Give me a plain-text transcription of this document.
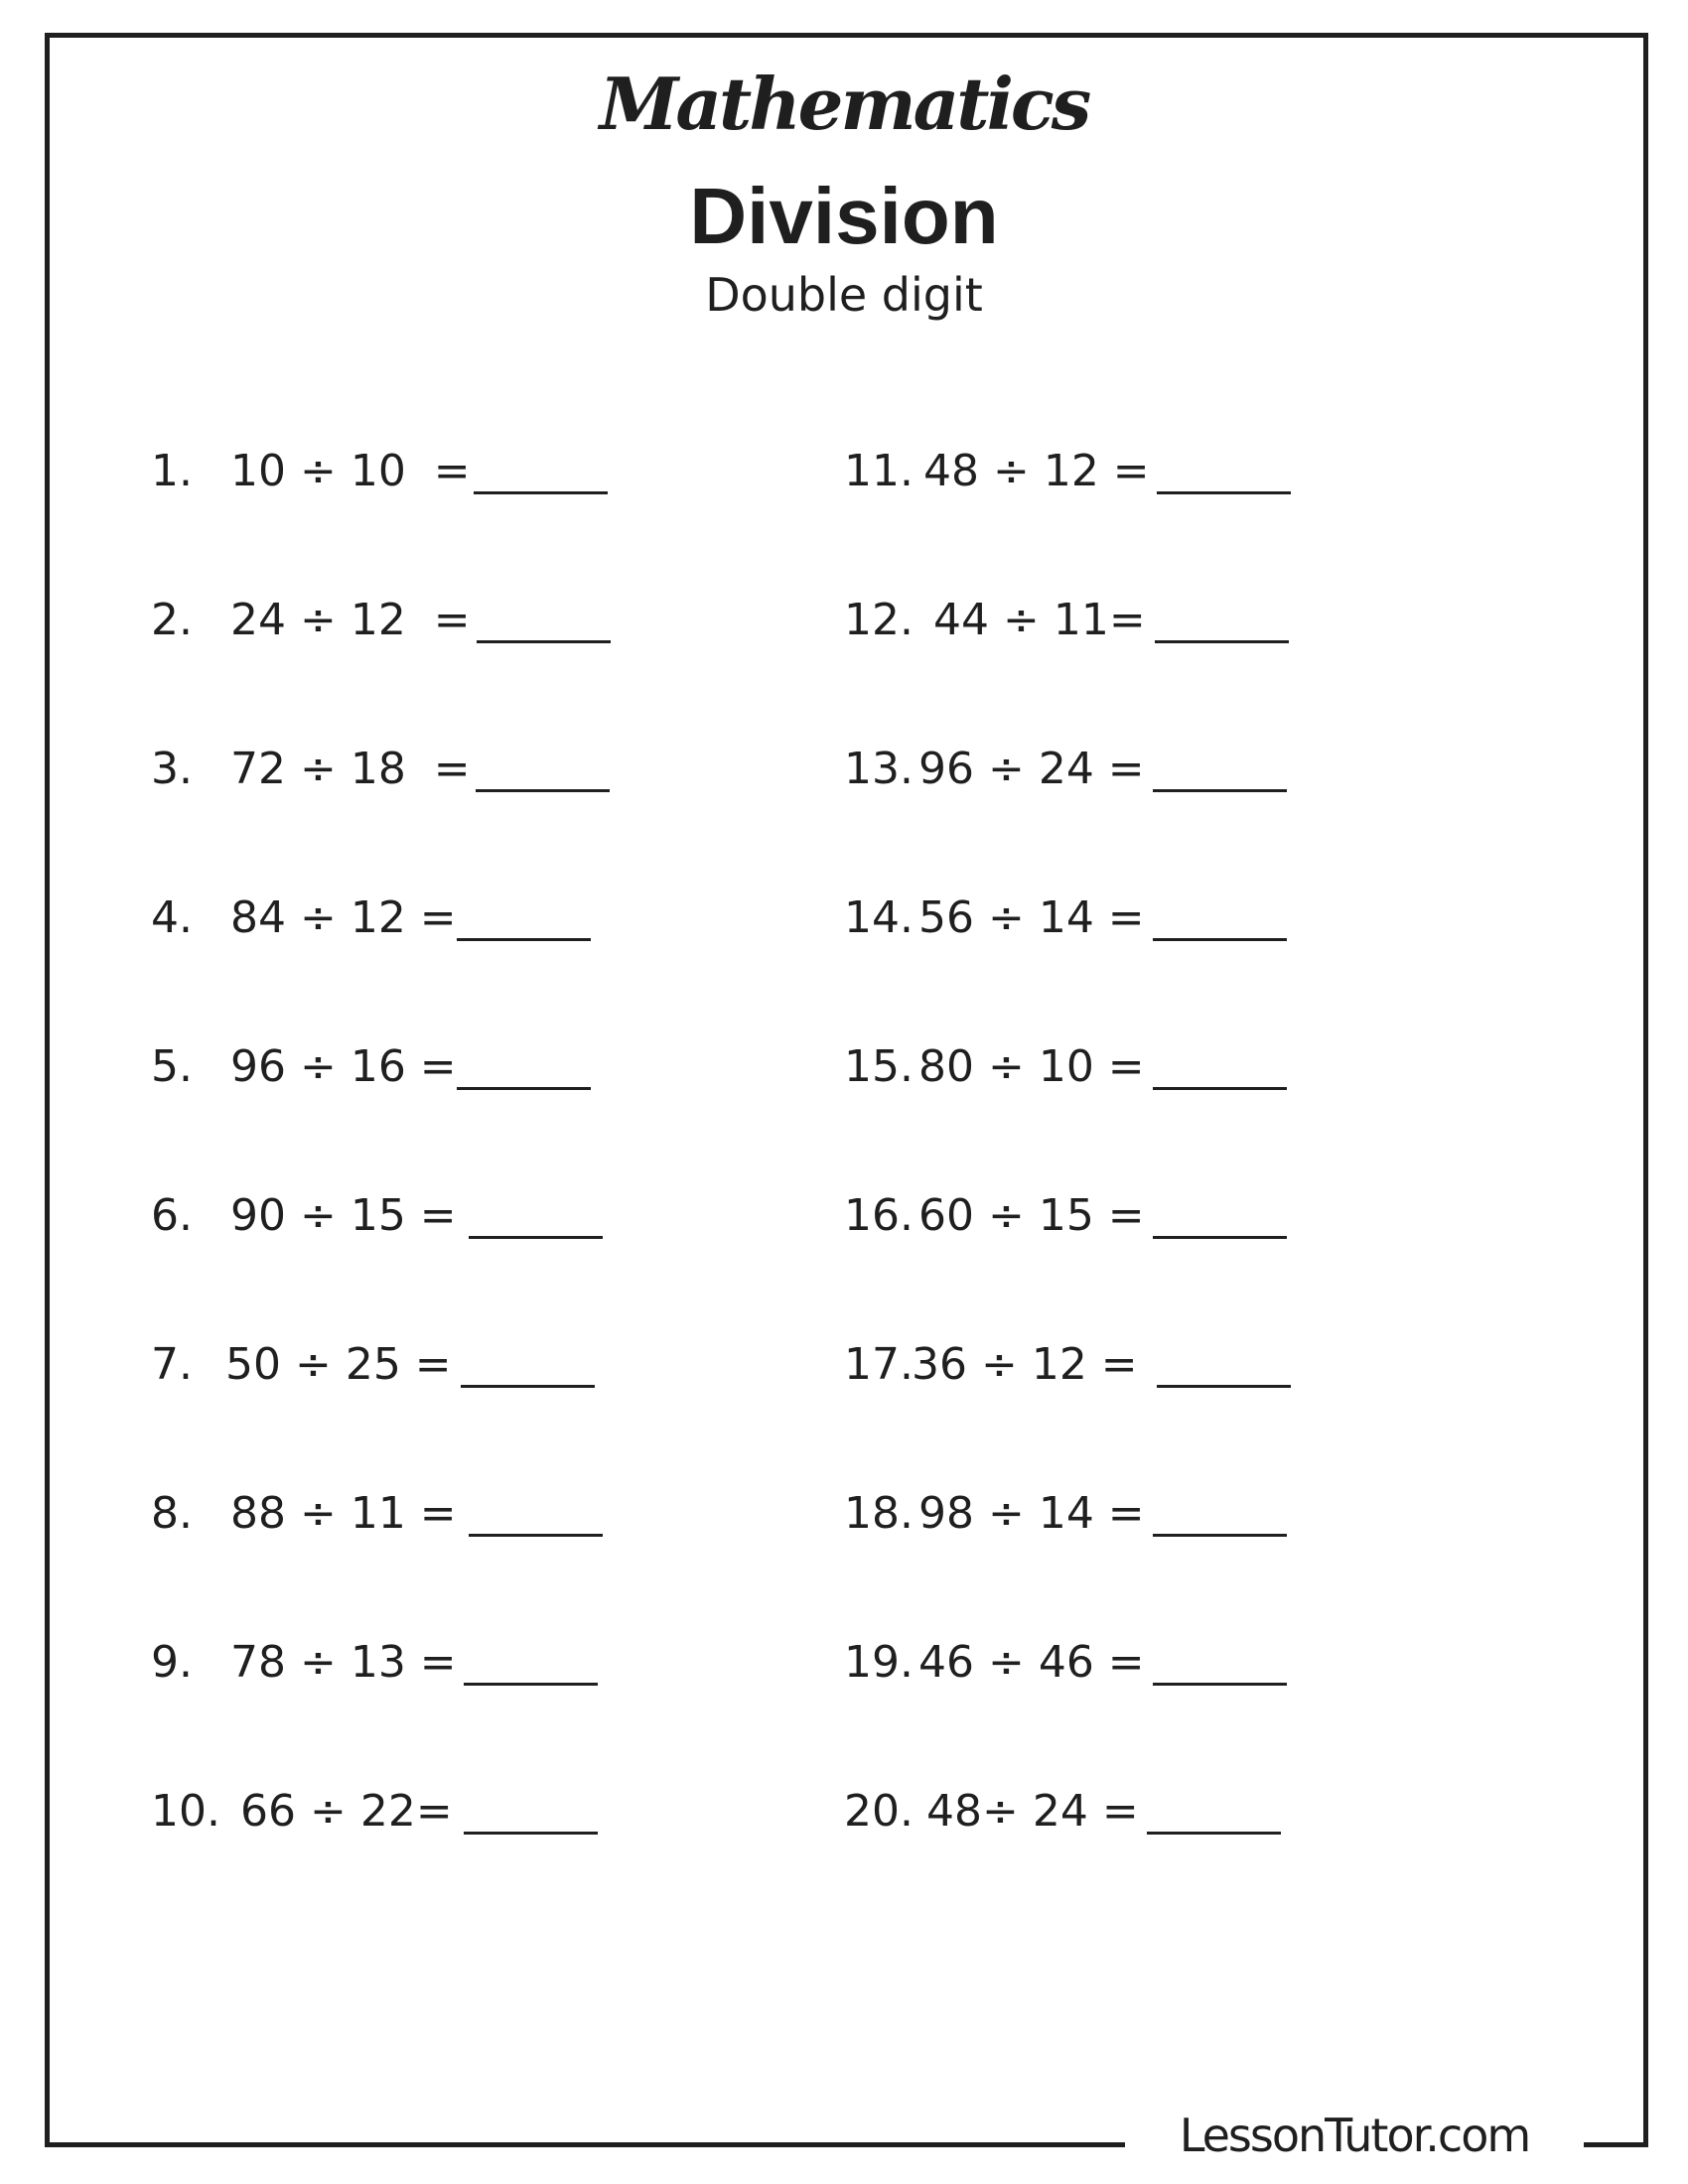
Mathematics
Division
Double digit

1.

10 ÷ 10  =

2.

24 ÷ 12  =

3.

72 ÷ 18  =

4.

84 ÷ 12 =

5.

96 ÷ 16 =

6.

90 ÷ 15 =

7.

50 ÷ 25 =

8.

88 ÷ 11 =

9.

78 ÷ 13 =

10.

66 ÷ 22=

11.

48 ÷ 12 =

12.

44 ÷ 11=

13.

96 ÷ 24 =

14.

56 ÷ 14 =

15.

80 ÷ 10 =

16.

60 ÷ 15 =

17.

36 ÷ 12 =

18.

98 ÷ 14 =

19.

46 ÷ 46 =

20.

48÷ 24 =

LessonTutor.com
